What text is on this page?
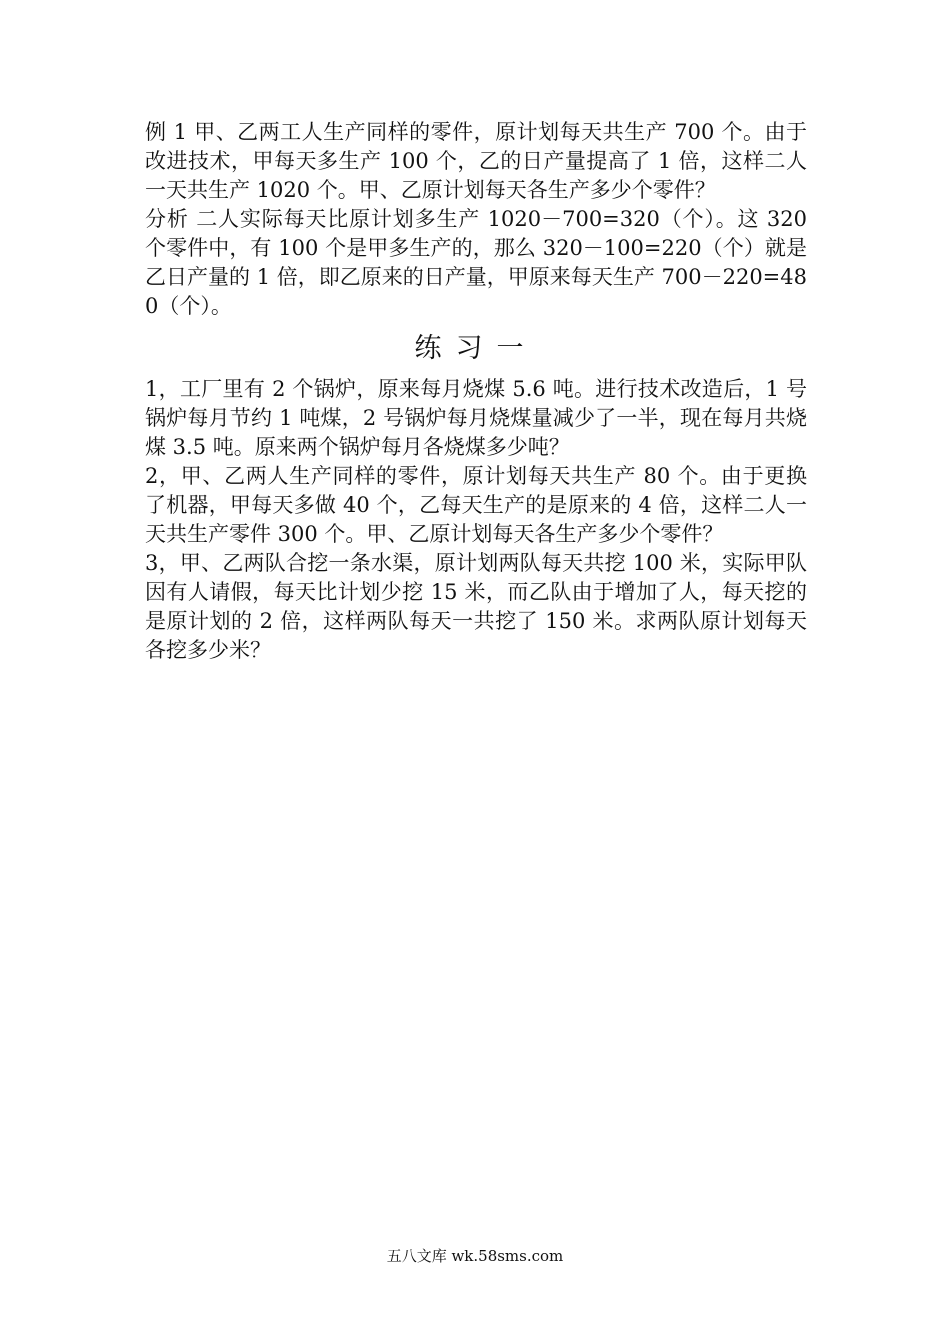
例 1 甲、乙两工人生产同样的零件，原计划每天共生产 700 个。由于改进技术，甲每天多生产 100 个，乙的日产量提高了 1 倍，这样二人一天共生产 1020 个。甲、乙原计划每天各生产多少个零件？

分析 二人实际每天比原计划多生产 1020－700=320（个）。这 320 个零件中，有 100 个是甲多生产的，那么 320－100=220（个）就是乙日产量的 1 倍，即乙原来的日产量，甲原来每天生产 700－220=480（个）。

练习一

1，工厂里有 2 个锅炉，原来每月烧煤 5.6 吨。进行技术改造后，1 号锅炉每月节约 1 吨煤，2 号锅炉每月烧煤量减少了一半，现在每月共烧煤 3.5 吨。原来两个锅炉每月各烧煤多少吨？

2，甲、乙两人生产同样的零件，原计划每天共生产 80 个。由于更换了机器，甲每天多做 40 个，乙每天生产的是原来的 4 倍，这样二人一天共生产零件 300 个。甲、乙原计划每天各生产多少个零件？

3，甲、乙两队合挖一条水渠，原计划两队每天共挖 100 米，实际甲队因有人请假，每天比计划少挖 15 米，而乙队由于增加了人，每天挖的是原计划的 2 倍，这样两队每天一共挖了 150 米。求两队原计划每天各挖多少米？

五八文库 wk.58sms.com
